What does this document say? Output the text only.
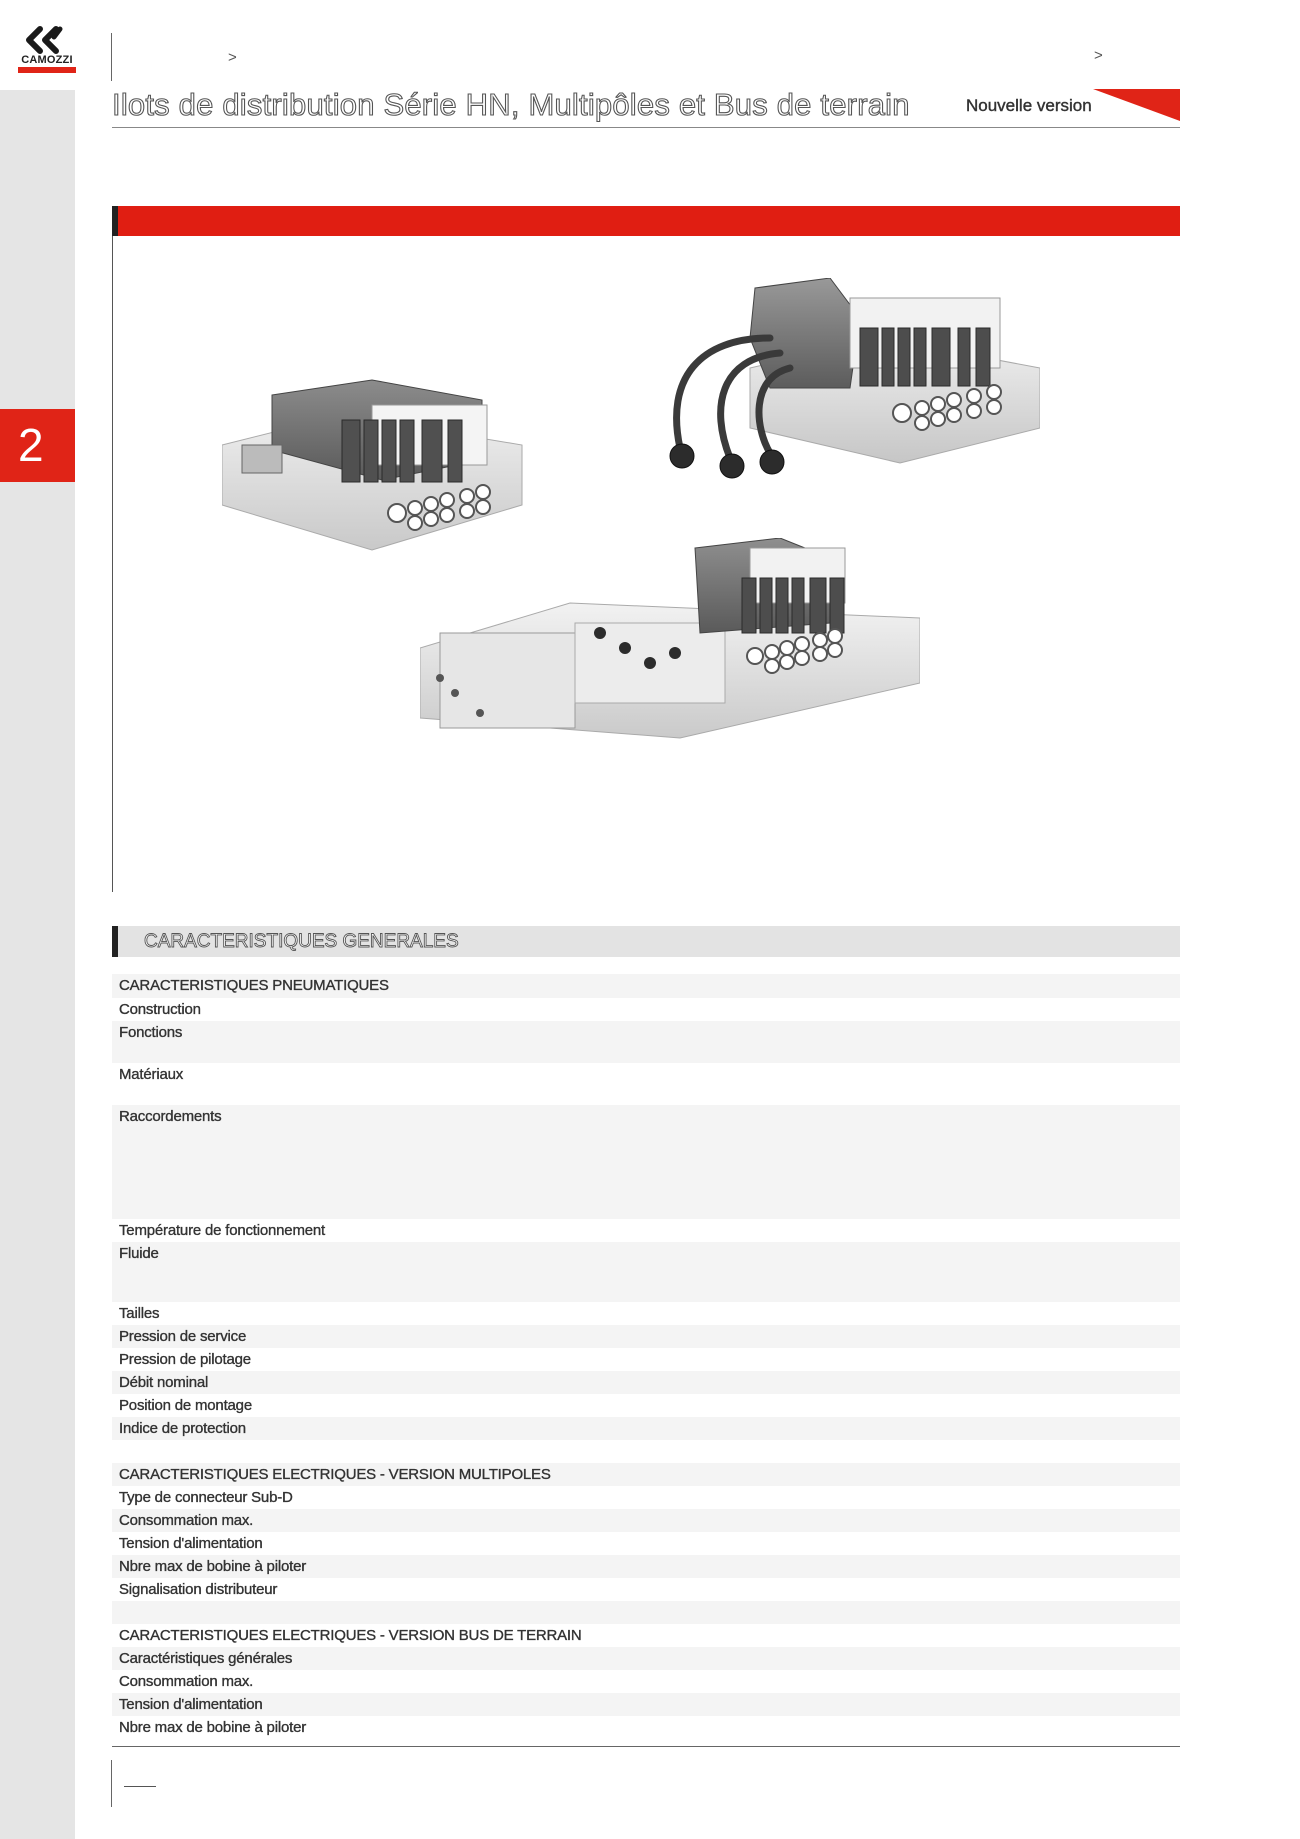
2
CAMOZZI	>	>
Ilots de distribution Série HN, Multipôles et Bus de terrain	Nouvelle version
CARACTERISTIQUES GENERALES
CARACTERISTIQUES PNEUMATIQUES
Construction
Fonctions
Matériaux
Raccordements
Température de fonctionnement
Fluide
Tailles
Pression de service
Pression de pilotage
Débit nominal
Position de montage
Indice de protection
CARACTERISTIQUES ELECTRIQUES - VERSION MULTIPOLES
Type de connecteur Sub-D
Consommation max.
Tension d'alimentation
Nbre max de bobine à piloter
Signalisation distributeur
CARACTERISTIQUES ELECTRIQUES - VERSION BUS DE TERRAIN
Caractéristiques générales
Consommation max.
Tension d'alimentation
Nbre max de bobine à piloter
